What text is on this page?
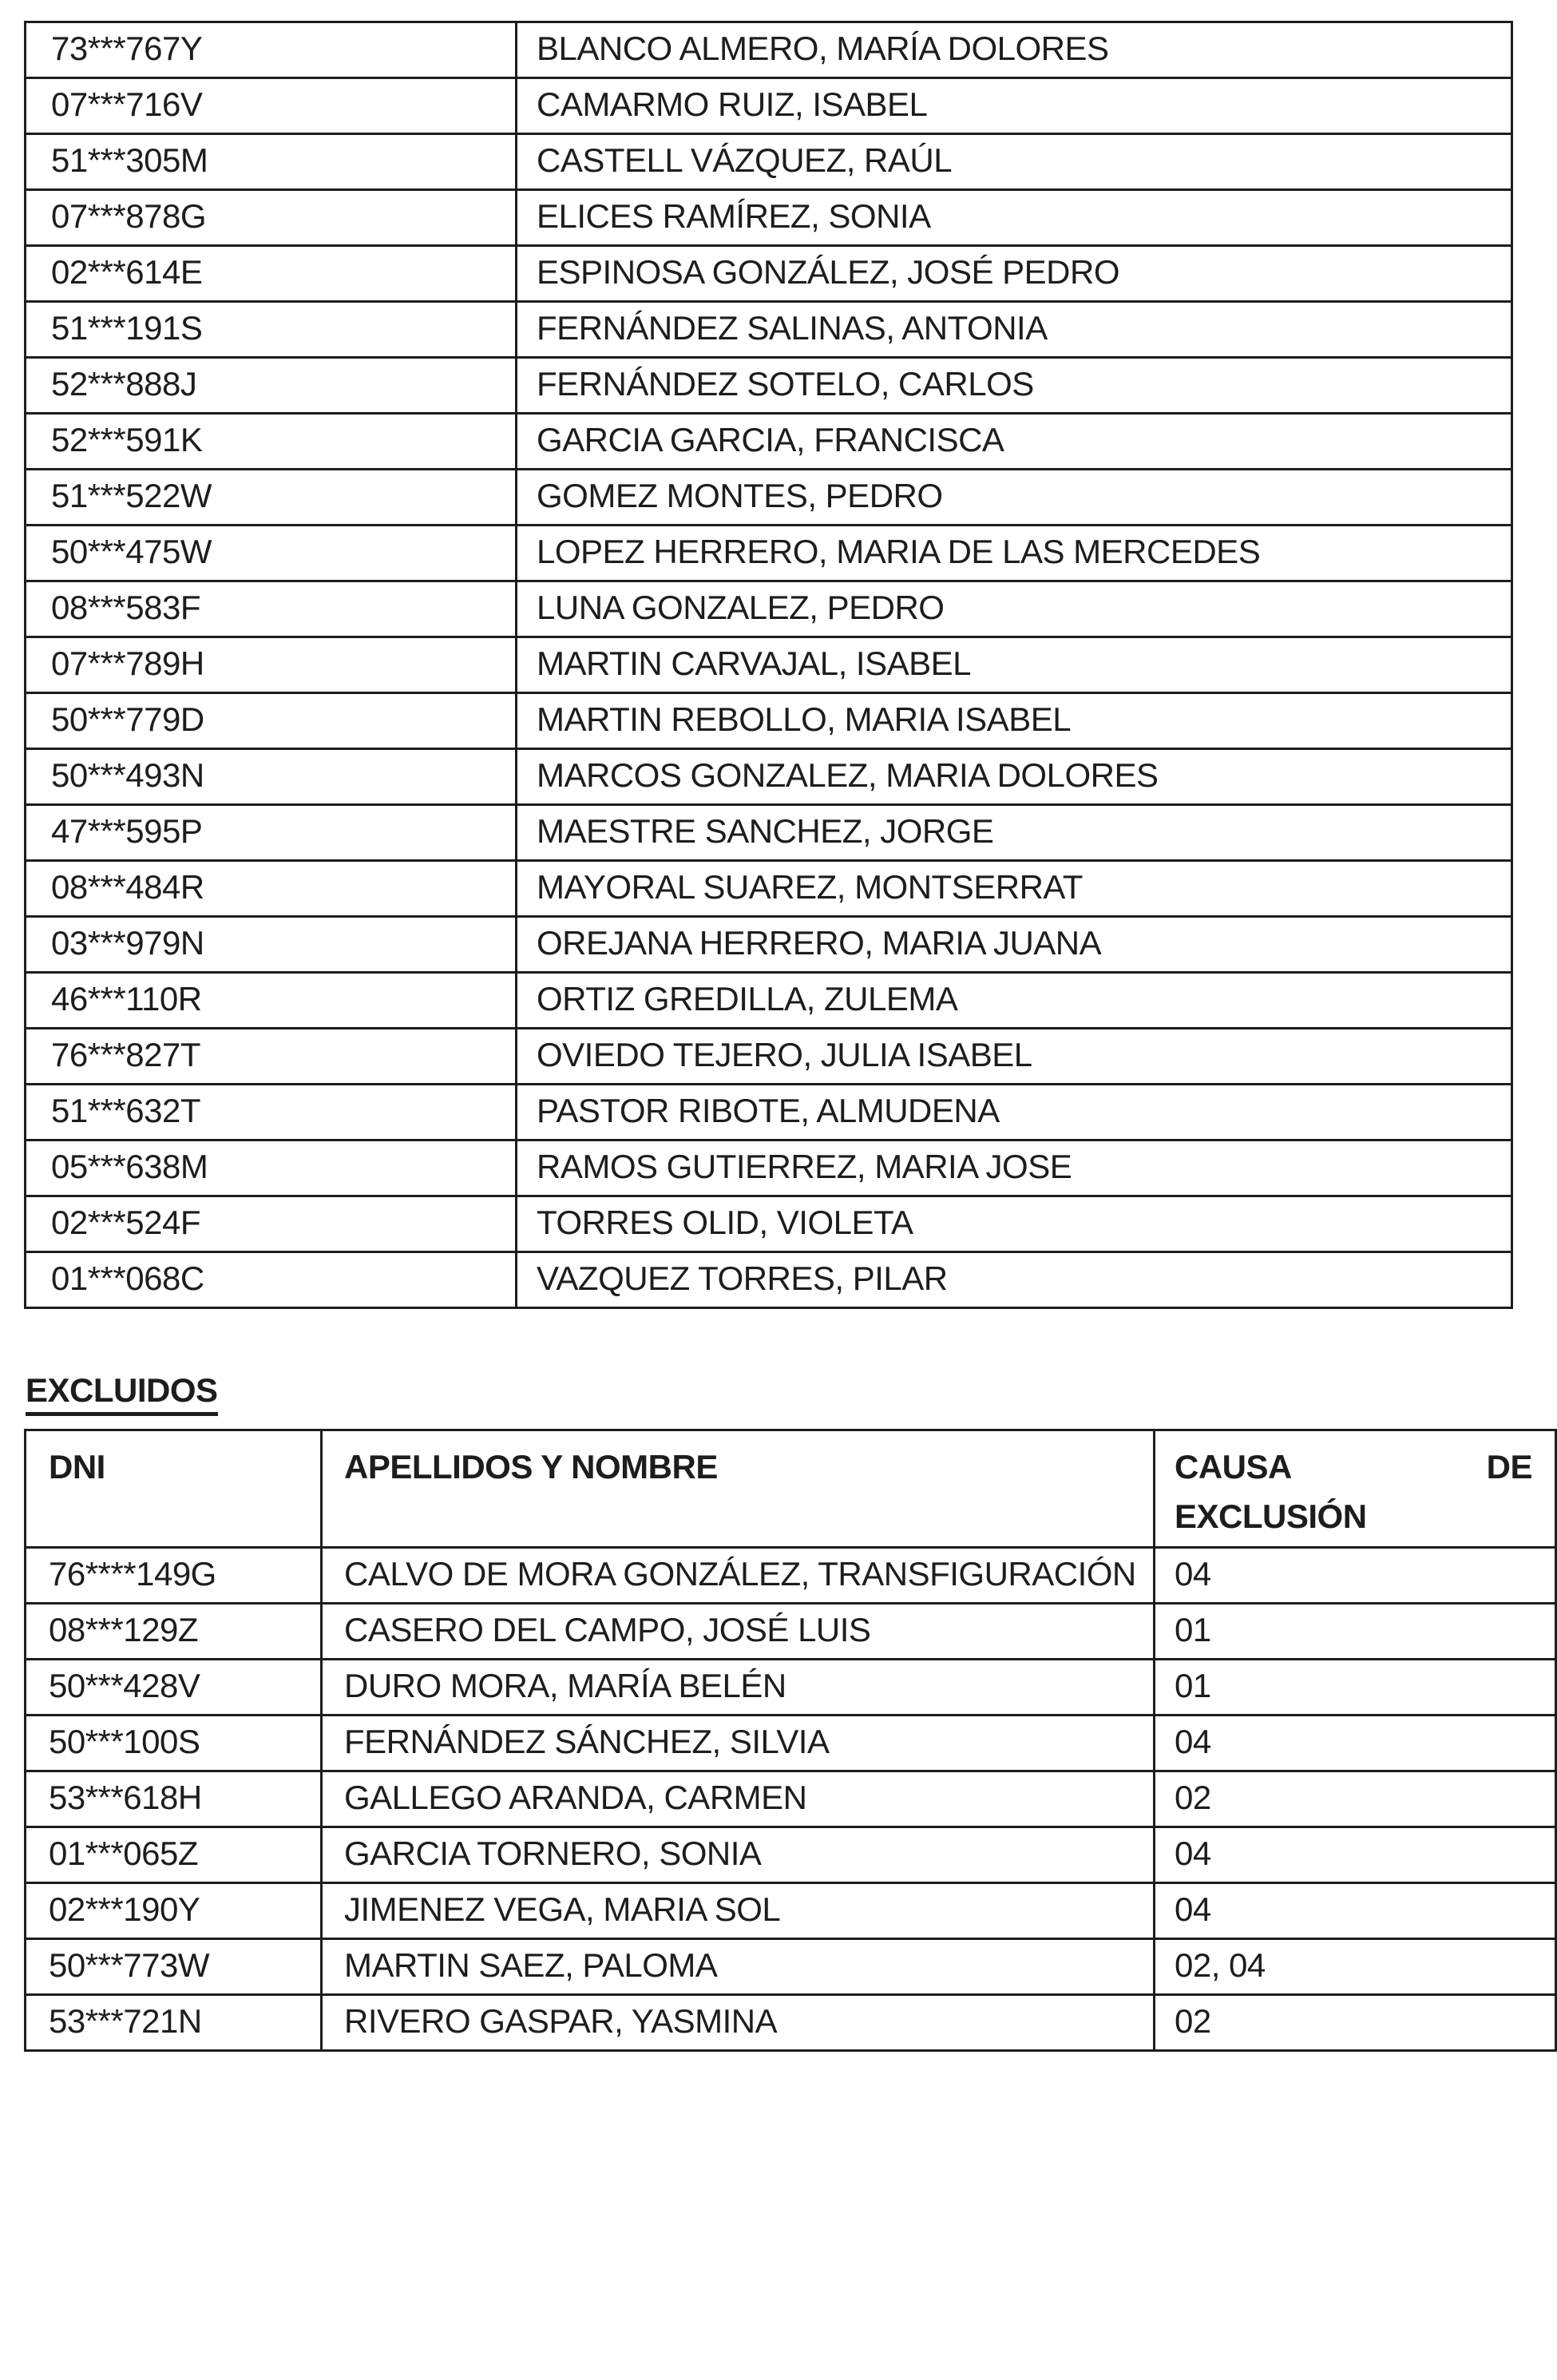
73***767Y	BLANCO ALMERO, MARÍA DOLORES
07***716V	CAMARMO RUIZ, ISABEL
51***305M	CASTELL VÁZQUEZ, RAÚL
07***878G	ELICES RAMÍREZ, SONIA
02***614E	ESPINOSA GONZÁLEZ, JOSÉ PEDRO
51***191S	FERNÁNDEZ SALINAS, ANTONIA
52***888J	FERNÁNDEZ SOTELO, CARLOS
52***591K	GARCIA GARCIA, FRANCISCA
51***522W	GOMEZ MONTES, PEDRO
50***475W	LOPEZ HERRERO, MARIA DE LAS MERCEDES
08***583F	LUNA GONZALEZ, PEDRO
07***789H	MARTIN CARVAJAL, ISABEL
50***779D	MARTIN REBOLLO, MARIA ISABEL
50***493N	MARCOS GONZALEZ, MARIA DOLORES
47***595P	MAESTRE SANCHEZ, JORGE
08***484R	MAYORAL SUAREZ, MONTSERRAT
03***979N	OREJANA HERRERO, MARIA JUANA
46***110R	ORTIZ GREDILLA, ZULEMA
76***827T	OVIEDO TEJERO, JULIA ISABEL
51***632T	PASTOR RIBOTE, ALMUDENA
05***638M	RAMOS GUTIERREZ, MARIA JOSE
02***524F	TORRES OLID, VIOLETA
01***068C	VAZQUEZ TORRES, PILAR
EXCLUIDOS
DNI	APELLIDOS Y NOMBRE	CAUSA DE
EXCLUSIÓN

76****149G	CALVO DE MORA GONZÁLEZ, TRANSFIGURACIÓN	04
08***129Z	CASERO DEL CAMPO, JOSÉ LUIS	01
50***428V	DURO MORA, MARÍA BELÉN	01
50***100S	FERNÁNDEZ SÁNCHEZ, SILVIA	04
53***618H	GALLEGO ARANDA, CARMEN	02
01***065Z	GARCIA TORNERO, SONIA	04
02***190Y	JIMENEZ VEGA, MARIA SOL	04
50***773W	MARTIN SAEZ, PALOMA	02, 04
53***721N	RIVERO GASPAR, YASMINA	02
